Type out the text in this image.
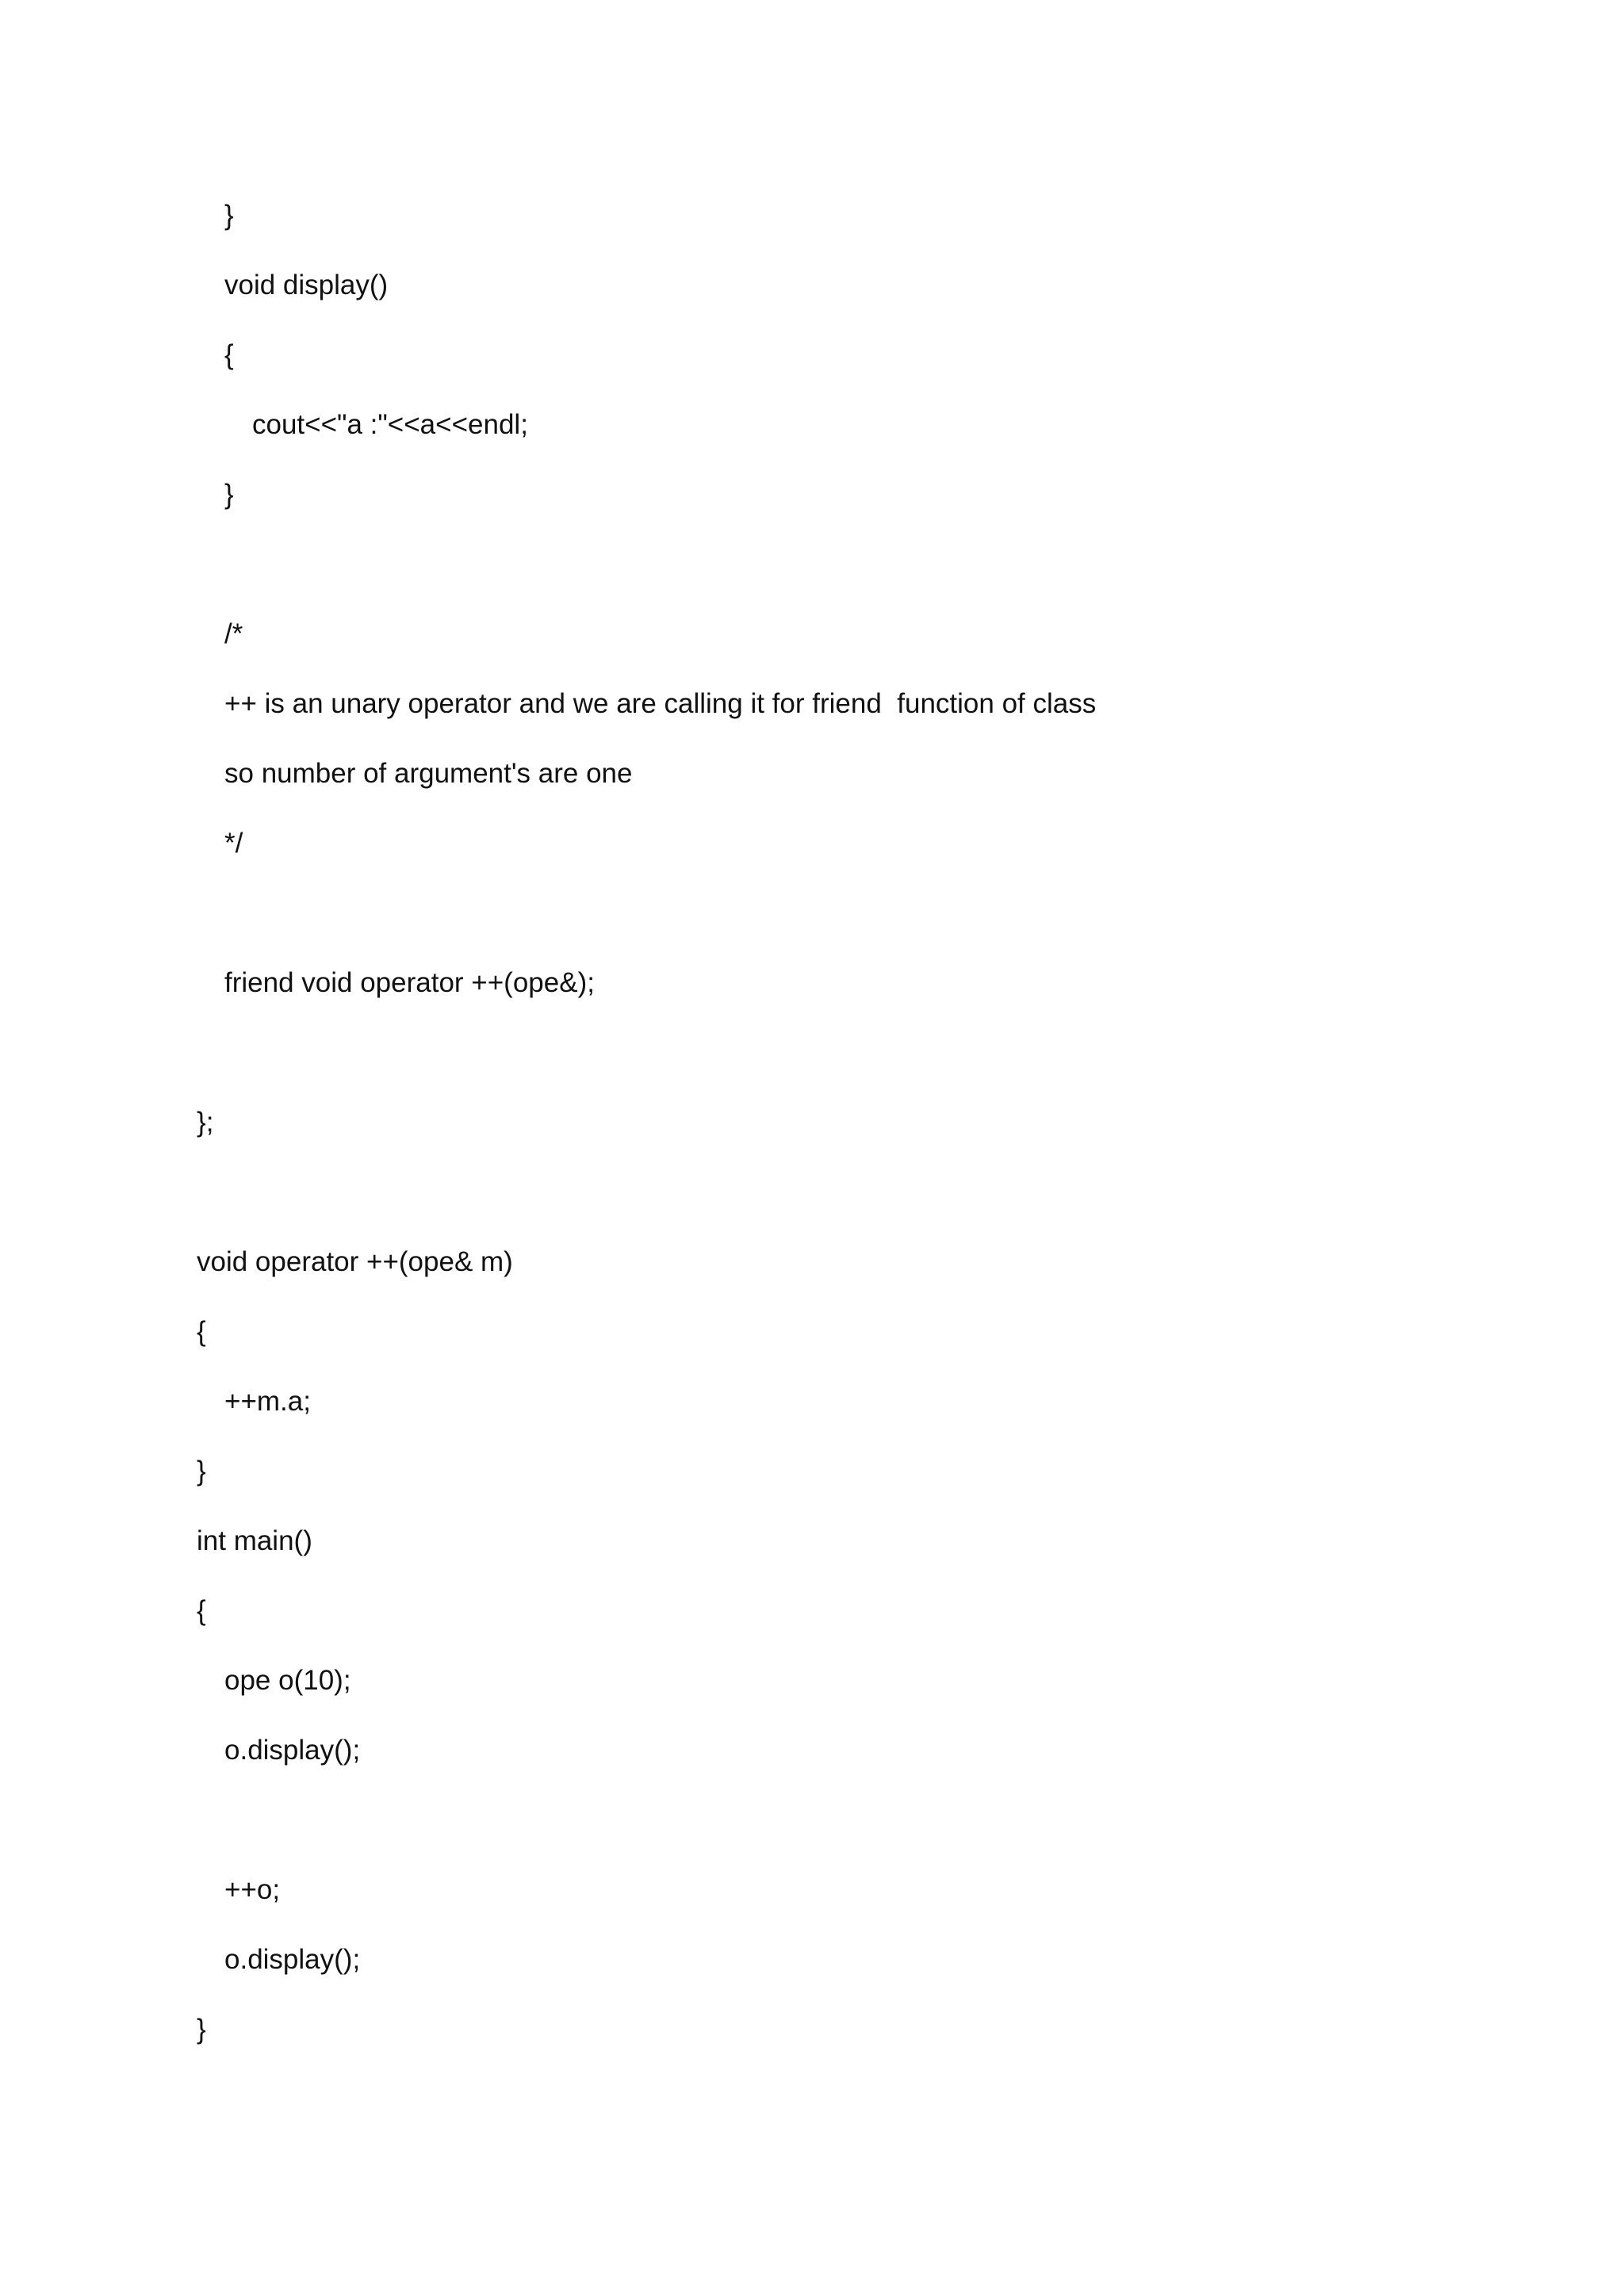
}

void display()

{

cout<<"a :"<<a<<endl;

}

/*

++ is an unary operator and we are calling it for friend  function of class

so number of argument's are one

*/

friend void operator ++(ope&);

};

void operator ++(ope& m)

{

++m.a;

}

int main()

{

ope o(10);

o.display();

++o;

o.display();

}
